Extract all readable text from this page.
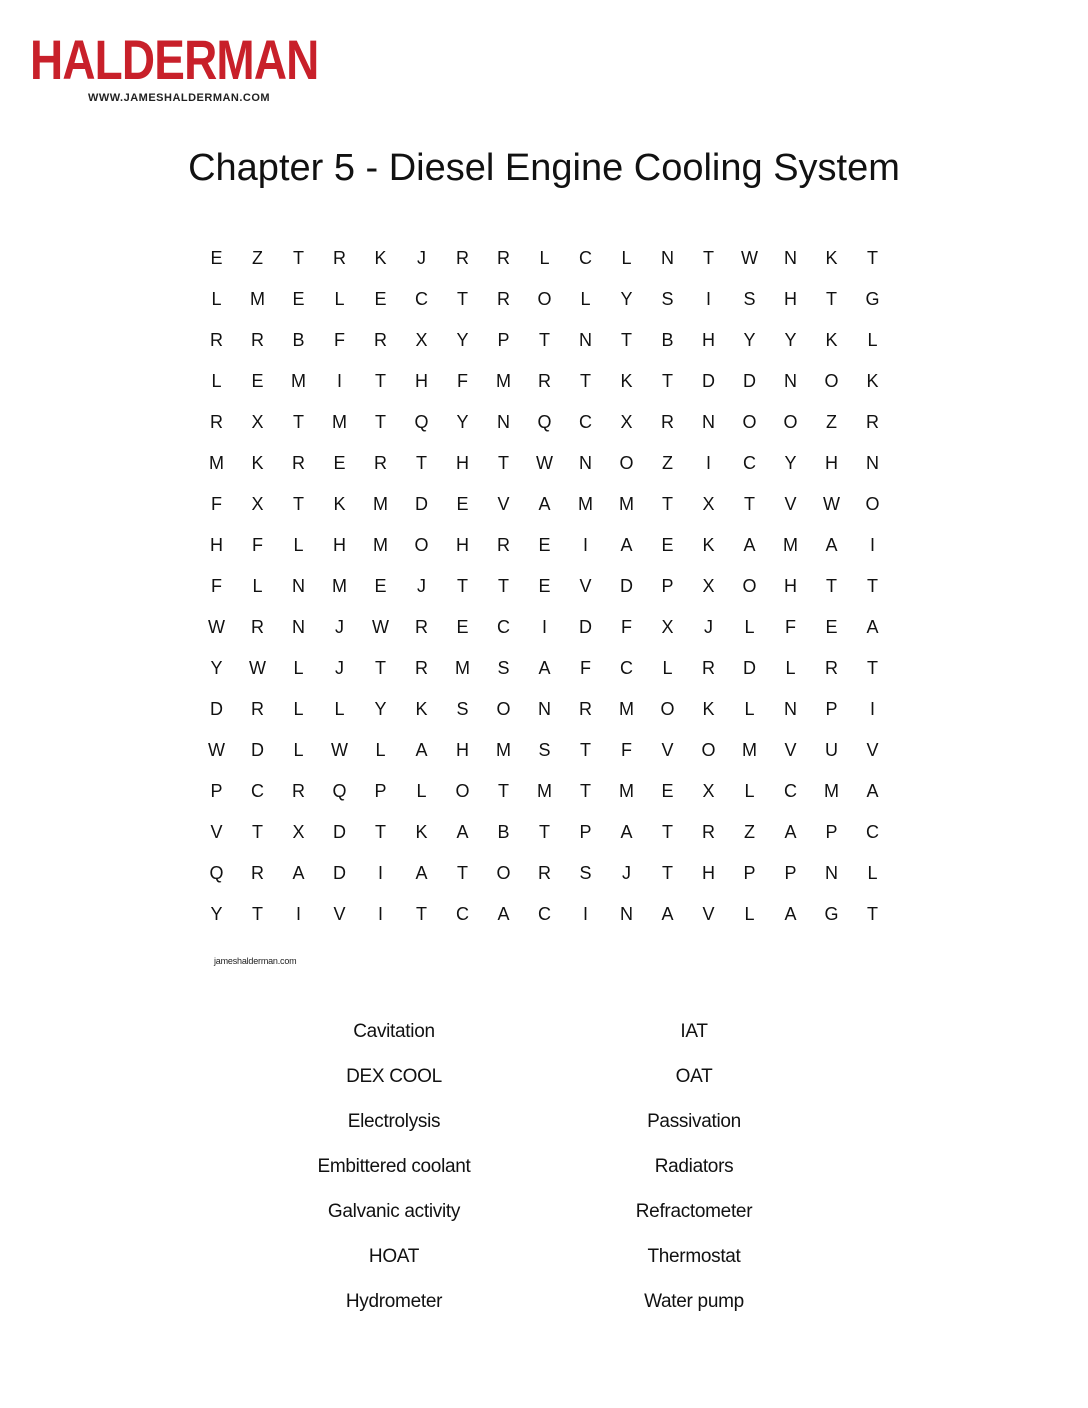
HALDERMAN
WWW.JAMESHALDERMAN.COM
Chapter 5 - Diesel Engine Cooling System
E	Z	T	R	K	J	R	R	L	C	L	N	T	W	N	K	T
L	M	E	L	E	C	T	R	O	L	Y	S	I	S	H	T	G
R	R	B	F	R	X	Y	P	T	N	T	B	H	Y	Y	K	L
L	E	M	I	T	H	F	M	R	T	K	T	D	D	N	O	K
R	X	T	M	T	Q	Y	N	Q	C	X	R	N	O	O	Z	R
M	K	R	E	R	T	H	T	W	N	O	Z	I	C	Y	H	N
F	X	T	K	M	D	E	V	A	M	M	T	X	T	V	W	O
H	F	L	H	M	O	H	R	E	I	A	E	K	A	M	A	I
F	L	N	M	E	J	T	T	E	V	D	P	X	O	H	T	T
W	R	N	J	W	R	E	C	I	D	F	X	J	L	F	E	A
Y	W	L	J	T	R	M	S	A	F	C	L	R	D	L	R	T
D	R	L	L	Y	K	S	O	N	R	M	O	K	L	N	P	I
W	D	L	W	L	A	H	M	S	T	F	V	O	M	V	U	V
P	C	R	Q	P	L	O	T	M	T	M	E	X	L	C	M	A
V	T	X	D	T	K	A	B	T	P	A	T	R	Z	A	P	C
Q	R	A	D	I	A	T	O	R	S	J	T	H	P	P	N	L
Y	T	I	V	I	T	C	A	C	I	N	A	V	L	A	G	T
jameshalderman.com
Cavitation	IAT
DEX COOL	OAT
Electrolysis	Passivation
Embittered coolant	Radiators
Galvanic activity	Refractometer
HOAT	Thermostat
Hydrometer	Water pump
